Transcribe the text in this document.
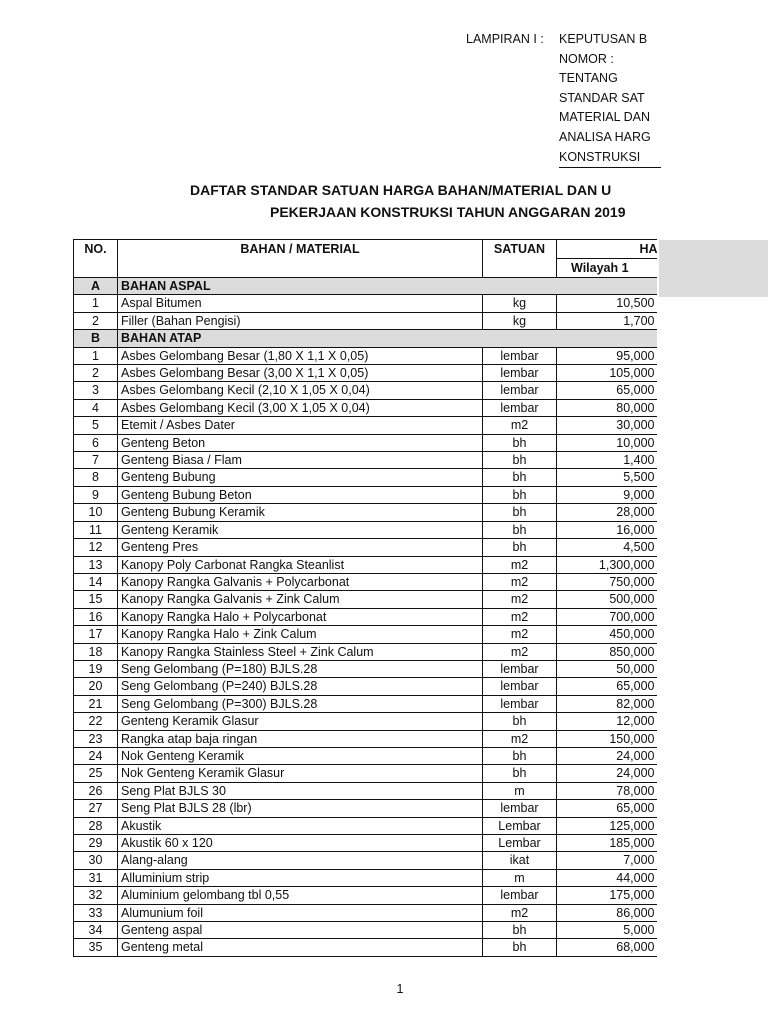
LAMPIRAN I : KEPUTUSAN B
NOMOR :
TENTANG
STANDAR SAT
MATERIAL DAN
ANALISA HARG
KONSTRUKSI
DAFTAR STANDAR SATUAN HARGA BAHAN/MATERIAL DAN U
PEKERJAAN KONSTRUKSI TAHUN ANGGARAN 2019
NO.	BAHAN / MATERIAL	SATUAN	HA
			Wilayah 1
A	BAHAN ASPAL		
1	Aspal Bitumen	kg	10,500
2	Filler (Bahan Pengisi)	kg	1,700
B	BAHAN ATAP		
1	Asbes Gelombang Besar (1,80 X 1,1 X 0,05)	lembar	95,000
2	Asbes Gelombang Besar (3,00 X 1,1 X 0,05)	lembar	105,000
3	Asbes Gelombang Kecil (2,10 X 1,05 X 0,04)	lembar	65,000
4	Asbes Gelombang Kecil (3,00 X 1,05 X 0,04)	lembar	80,000
5	Etemit / Asbes Dater	m2	30,000
6	Genteng Beton	bh	10,000
7	Genteng Biasa / Flam	bh	1,400
8	Genteng Bubung	bh	5,500
9	Genteng Bubung Beton	bh	9,000
10	Genteng Bubung Keramik	bh	28,000
11	Genteng Keramik	bh	16,000
12	Genteng Pres	bh	4,500
13	Kanopy Poly Carbonat Rangka Steanlist	m2	1,300,000
14	Kanopy Rangka Galvanis + Polycarbonat	m2	750,000
15	Kanopy Rangka Galvanis + Zink Calum	m2	500,000
16	Kanopy Rangka Halo + Polycarbonat	m2	700,000
17	Kanopy Rangka Halo + Zink Calum	m2	450,000
18	Kanopy Rangka Stainless Steel + Zink Calum	m2	850,000
19	Seng Gelombang (P=180) BJLS.28	lembar	50,000
20	Seng Gelombang (P=240) BJLS.28	lembar	65,000
21	Seng Gelombang (P=300) BJLS.28	lembar	82,000
22	Genteng Keramik Glasur	bh	12,000
23	Rangka atap baja ringan	m2	150,000
24	Nok Genteng Keramik	bh	24,000
25	Nok Genteng Keramik Glasur	bh	24,000
26	Seng Plat BJLS 30	m	78,000
27	Seng Plat BJLS 28 (lbr)	lembar	65,000
28	Akustik	Lembar	125,000
29	Akustik 60 x 120	Lembar	185,000
30	Alang-alang	ikat	7,000
31	Alluminium strip	m	44,000
32	Aluminium gelombang tbl 0,55	lembar	175,000
33	Alumunium foil	m2	86,000
34	Genteng aspal	bh	5,000
35	Genteng metal	bh	68,000
1
